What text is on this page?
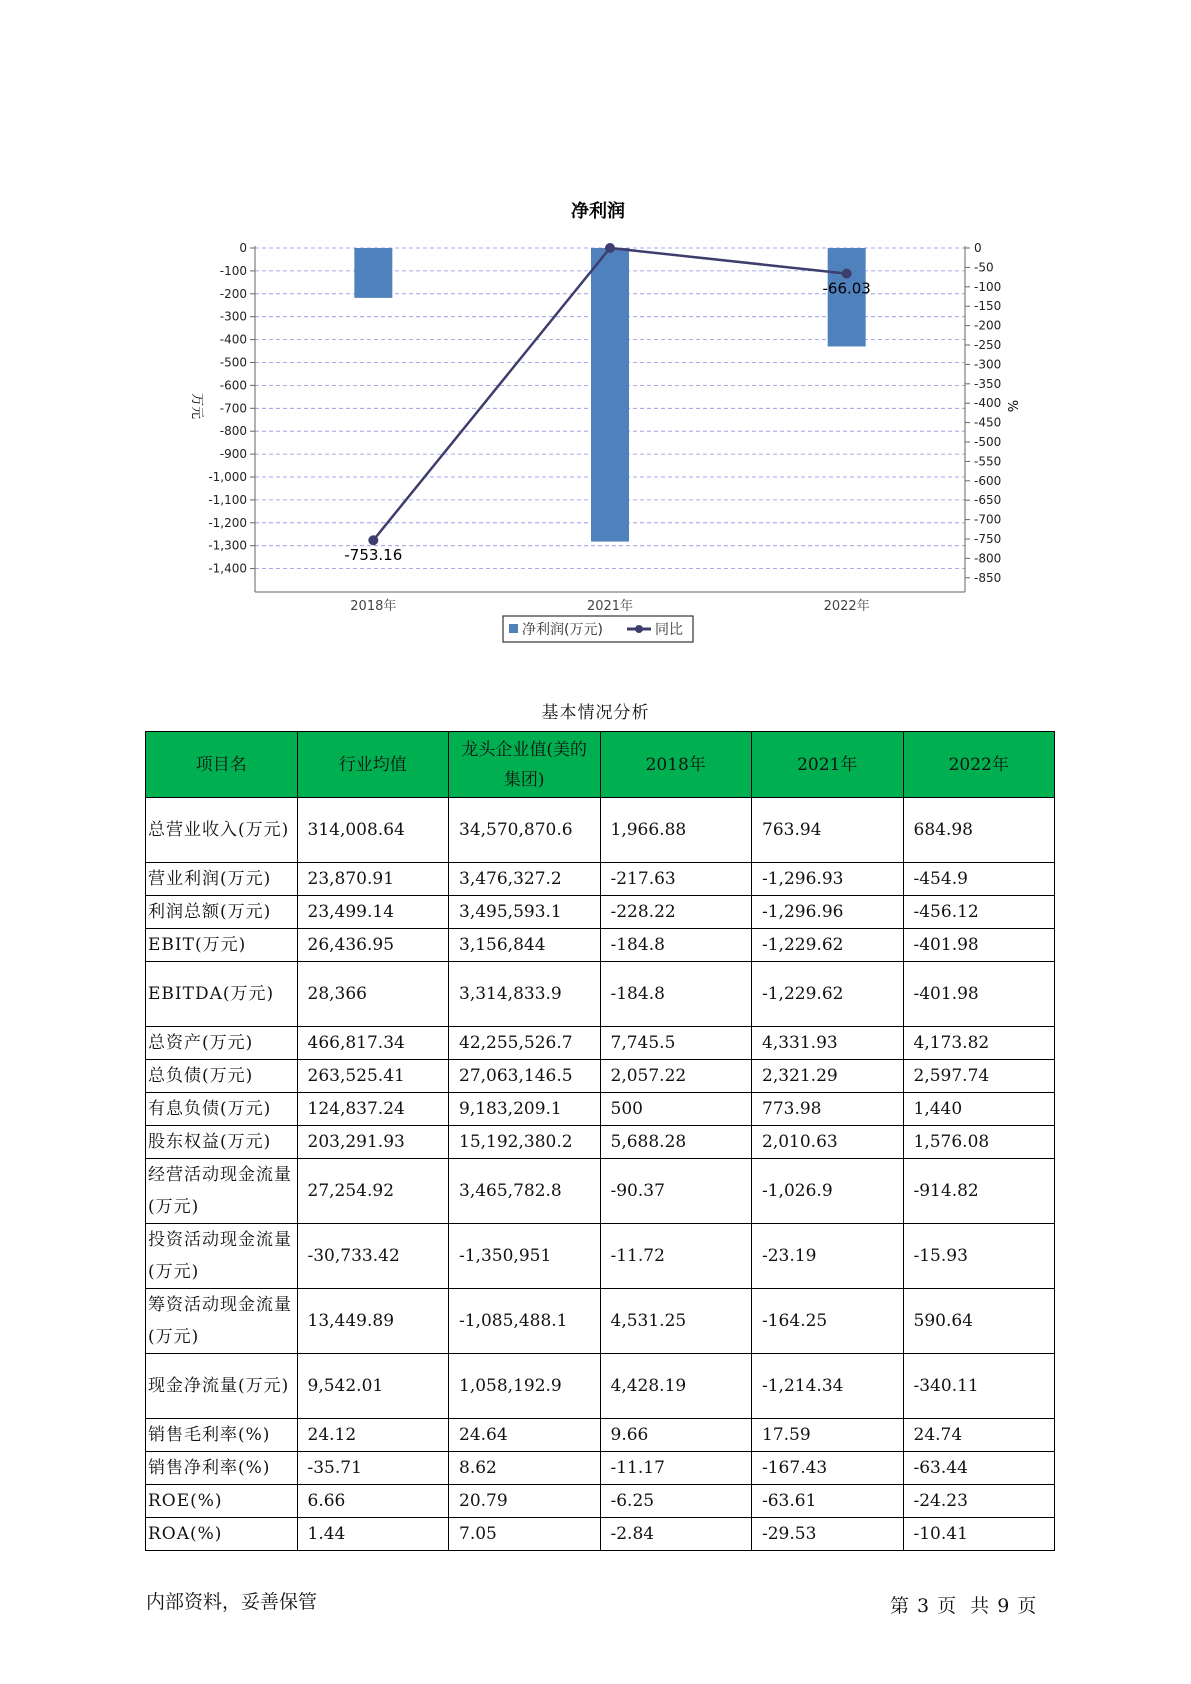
净利润
-753.16
-66.03
0
-100
-200
-300
-400
-500
-600
-700
-800
-900
-1,000
-1,100
-1,200
-1,300
-1,400
0
-50
-100
-150
-200
-250
-300
-350
-400
-450
-500
-550
-600
-650
-700
-750
-800
-850
2018年	2021年	2022年
万元	%
净利润(万元)	同比
基本情况分析
项目名	行业均值	龙头企业值(美的集团)	2018年	2021年	2022年
总营业收入(万元)	314,008.64	34,570,870.6	1,966.88	763.94	684.98
营业利润(万元)	23,870.91	3,476,327.2	-217.63	-1,296.93	-454.9
利润总额(万元)	23,499.14	3,495,593.1	-228.22	-1,296.96	-456.12
EBIT(万元)	26,436.95	3,156,844	-184.8	-1,229.62	-401.98
EBITDA(万元)	28,366	3,314,833.9	-184.8	-1,229.62	-401.98
总资产(万元)	466,817.34	42,255,526.7	7,745.5	4,331.93	4,173.82
总负债(万元)	263,525.41	27,063,146.5	2,057.22	2,321.29	2,597.74
有息负债(万元)	124,837.24	9,183,209.1	500	773.98	1,440
股东权益(万元)	203,291.93	15,192,380.2	5,688.28	2,010.63	1,576.08
经营活动现金流量(万元)	27,254.92	3,465,782.8	-90.37	-1,026.9	-914.82
投资活动现金流量(万元)	-30,733.42	-1,350,951	-11.72	-23.19	-15.93
筹资活动现金流量(万元)	13,449.89	-1,085,488.1	4,531.25	-164.25	590.64
现金净流量(万元)	9,542.01	1,058,192.9	4,428.19	-1,214.34	-340.11
销售毛利率(%)	24.12	24.64	9.66	17.59	24.74
销售净利率(%)	-35.71	8.62	-11.17	-167.43	-63.44
ROE(%)	6.66	20.79	-6.25	-63.61	-24.23
ROA(%)	1.44	7.05	-2.84	-29.53	-10.41
内部资料，妥善保管	第 3 页 共 9 页
